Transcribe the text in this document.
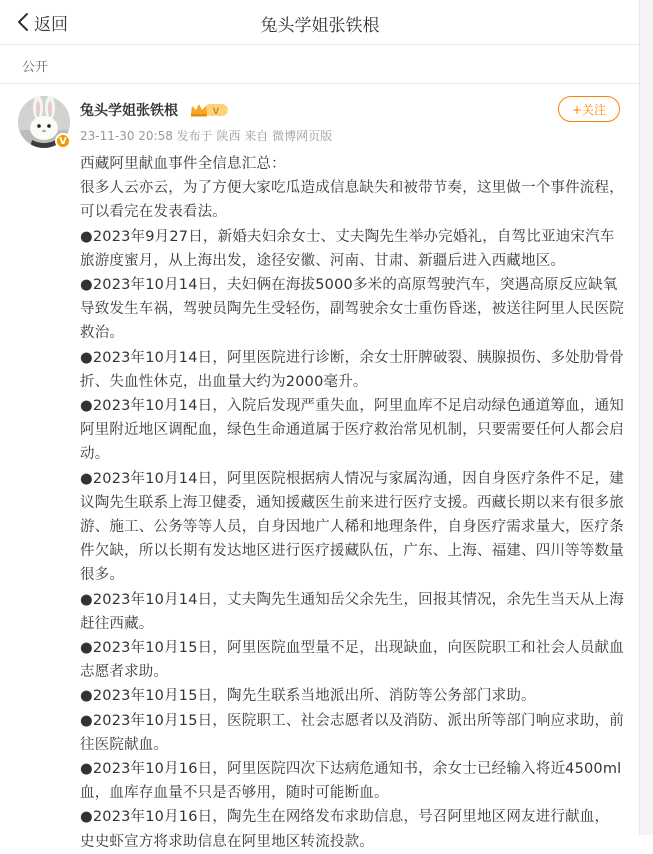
返回	兔头学姐张铁根
公开
V
兔头学姐张铁根	V
23-11-30 20:58 发布于 陕西 来自 微博网页版
+关注

西藏阿里献血事件全信息汇总：

很多人云亦云，为了方便大家吃瓜造成信息缺失和被带节奏，这里做一个事件流程，可以看完在发表看法。

●2023年9月27日，新婚夫妇余女士、丈夫陶先生举办完婚礼，自驾比亚迪宋汽车旅游度蜜月，从上海出发，途径安徽、河南、甘肃、新疆后进入西藏地区。

●2023年10月14日，夫妇俩在海拔5000多米的高原驾驶汽车，突遇高原反应缺氧导致发生车祸，驾驶员陶先生受轻伤，副驾驶余女士重伤昏迷，被送往阿里人民医院救治。

●2023年10月14日，阿里医院进行诊断，余女士肝脾破裂、胰腺损伤、多处肋骨骨折、失血性休克，出血量大约为2000毫升。

●2023年10月14日，入院后发现严重失血，阿里血库不足启动绿色通道筹血，通知阿里附近地区调配血，绿色生命通道属于医疗救治常见机制，只要需要任何人都会启动。

●2023年10月14日，阿里医院根据病人情况与家属沟通，因自身医疗条件不足，建议陶先生联系上海卫健委，通知援藏医生前来进行医疗支援。西藏长期以来有很多旅游、施工、公务等等人员，自身因地广人稀和地理条件，自身医疗需求量大，医疗条件欠缺，所以长期有发达地区进行医疗援藏队伍，广东、上海、福建、四川等等数量很多。

●2023年10月14日，丈夫陶先生通知岳父余先生，回报其情况，余先生当天从上海赶往西藏。

●2023年10月15日，阿里医院血型量不足，出现缺血，向医院职工和社会人员献血志愿者求助。

●2023年10月15日，陶先生联系当地派出所、消防等公务部门求助。

●2023年10月15日，医院职工、社会志愿者以及消防、派出所等部门响应求助，前往医院献血。

●2023年10月16日，阿里医院四次下达病危通知书，余女士已经输入将近4500ml血，血库存血量不只是否够用，随时可能断血。

●2023年10月16日，陶先生在网络发布求助信息，号召阿里地区网友进行献血，

史史虾宣方将求助信息在阿里地区转流投款。
